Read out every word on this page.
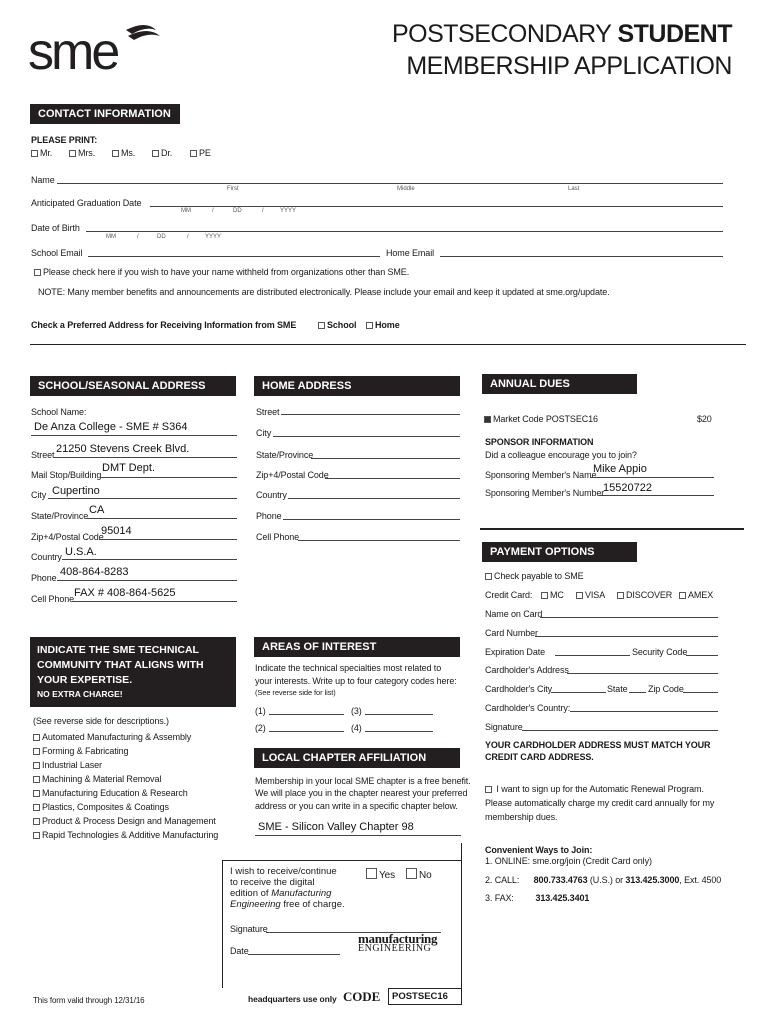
sme	POSTSECONDARY STUDENT
MEMBERSHIP APPLICATION
CONTACT INFORMATION
PLEASE PRINT:
Mr.	Mrs.	Ms.	Dr.	PE
Name
First	Middle	Last
Anticipated Graduation Date
MM	/	DD	/	YYYY
Date of Birth
MM	/	DD	/	YYYY
School Email	Home Email
Please check here if you wish to have your name withheld from organizations other than SME.
NOTE: Many member benefits and announcements are distributed electronically. Please include your email and keep it updated at sme.org/update.
Check a Preferred Address for Receiving Information from SME	School	Home
SCHOOL/SEASONAL ADDRESS
School Name:
De Anza College - SME # S364
Street 21250 Stevens Creek Blvd.
Mail Stop/Building
DMT Dept.
City Cupertino
State/Province CA
Zip+4/Postal Code
95014
Country U.S.A.
Phone 408-864-8283
Cell Phone FAX # 408-864-5625
HOME ADDRESS
Street
City
State/Province
Zip+4/Postal Code
Country
Phone
Cell Phone
ANNUAL DUES
Market Code POSTSEC16	$20
SPONSOR INFORMATION
Did a colleague encourage you to join?
Sponsoring Member's Name
Mike Appio
Sponsoring Member's Number
15520722
PAYMENT OPTIONS
Check payable to SME
Credit Card:	MC	VISA	DISCOVER	AMEX
Name on Card
Card Number
Expiration Date	Security Code
Cardholder's Address
Cardholder's City	State Zip Code
Cardholder's Country:
Signature
YOUR CARDHOLDER ADDRESS MUST MATCH YOUR
CREDIT CARD ADDRESS.
I want to sign up for the Automatic Renewal Program.
Please automatically charge my credit card annually for my
membership dues.
Convenient Ways to Join:
1. ONLINE: sme.org/join (Credit Card only)
2. CALL: 800.733.4763 (U.S.) or 313.425.3000, Ext. 4500
3. FAX: 313.425.3401
INDICATE THE SME TECHNICAL
COMMUNITY THAT ALIGNS WITH
YOUR EXPERTISE.
NO EXTRA CHARGE!
(See reverse side for descriptions.)
Automated Manufacturing & Assembly
Forming & Fabricating
Industrial Laser
Machining & Material Removal
Manufacturing Education & Research
Plastics, Composites & Coatings
Product & Process Design and Management
Rapid Technologies & Additive Manufacturing
AREAS OF INTEREST
Indicate the technical specialties most related to
your interests. Write up to four category codes here:
(See reverse side for list)
(1)	(3)
(2)	(4)
LOCAL CHAPTER AFFILIATION
Membership in your local SME chapter is a free benefit.
We will place you in the chapter nearest your preferred
address or you can write in a specific chapter below.
SME - Silicon Valley Chapter 98
I wish to receive/continue
to receive the digital
edition of Manufacturing
Engineering free of charge.
Yes	No
Signature
Date
manufacturing
ENGINEERING
This form valid through 12/31/16	headquarters use only CODE	POSTSEC16
